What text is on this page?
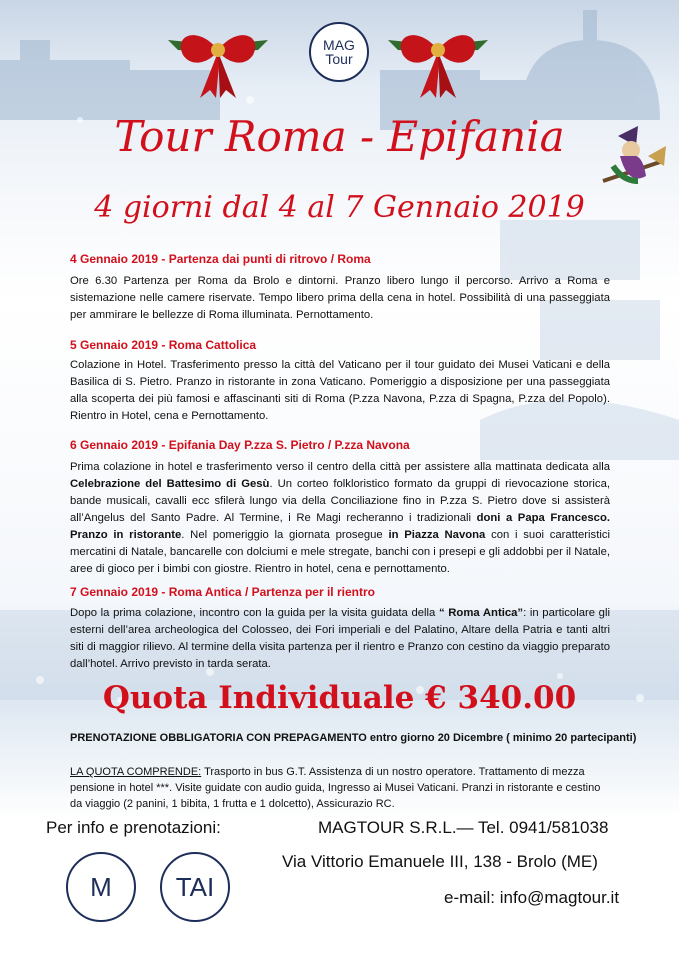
MAG
Tour
Tour Roma - Epifania
4 giorni dal 4 al 7 Gennaio 2019
4 Gennaio 2019 - Partenza dai punti di ritrovo / Roma
Ore 6.30 Partenza per Roma da Brolo e dintorni. Pranzo libero lungo il percorso. Arrivo a Roma e sistemazione nelle camere riservate. Tempo libero prima della cena in hotel. Possibilità di una passeggiata per ammirare le bellezze di Roma illuminata. Pernottamento.
5 Gennaio 2019 - Roma Cattolica
Colazione in Hotel. Trasferimento presso la città del Vaticano per il tour guidato dei Musei Vaticani e della Basilica di S. Pietro. Pranzo in ristorante in zona Vaticano. Pomeriggio a disposizione per una passeggiata alla scoperta dei più famosi e affascinanti siti di Roma (P.zza Navona, P.zza di Spagna, P.zza del Popolo). Rientro in Hotel, cena e Pernottamento.
6 Gennaio 2019 - Epifania Day P.zza S. Pietro / P.zza Navona
Prima colazione in hotel e trasferimento verso il centro della città per assistere alla mattinata dedicata alla Celebrazione del Battesimo di Gesù. Un corteo folkloristico formato da gruppi di rievocazione storica, bande musicali, cavalli ecc sfilerà lungo via della Conciliazione fino in P.zza S. Pietro dove si assisterà all’Angelus del Santo Padre. Al Termine, i Re Magi recheranno i tradizionali doni a Papa Francesco. Pranzo in ristorante. Nel pomeriggio la giornata prosegue in Piazza Navona con i suoi caratteristici mercatini di Natale, bancarelle con dolciumi e mele stregate, banchi con i presepi e gli addobbi per il Natale, aree di gioco per i bimbi con giostre. Rientro in hotel, cena e pernottamento.
7 Gennaio 2019 - Roma Antica / Partenza per il rientro
Dopo la prima colazione, incontro con la guida per la visita guidata della “ Roma Antica”: in particolare gli esterni dell’area archeologica del Colosseo, dei Fori imperiali e del Palatino, Altare della Patria e tanti altri siti di maggior rilievo. Al termine della visita partenza per il rientro e Pranzo con cestino da viaggio preparato dall’hotel. Arrivo previsto in tarda serata.
Quota Individuale € 340.00
PRENOTAZIONE OBBLIGATORIA CON PREPAGAMENTO entro giorno 20 Dicembre ( minimo 20 partecipanti)
LA QUOTA COMPRENDE: Trasporto in bus G.T. Assistenza di un nostro operatore. Trattamento di mezza pensione in hotel ***. Visite guidate con audio guida, Ingresso ai Musei Vaticani. Pranzi in ristorante e cestino da viaggio (2 panini, 1 bibita, 1 frutta e 1 dolcetto), Assicurazio RC.
Per info e prenotazioni:	MAGTOUR S.R.L.— Tel. 0941/581038
Via Vittorio Emanuele III, 138 - Brolo (ME)
e-mail: info@magtour.it
M	TAI
